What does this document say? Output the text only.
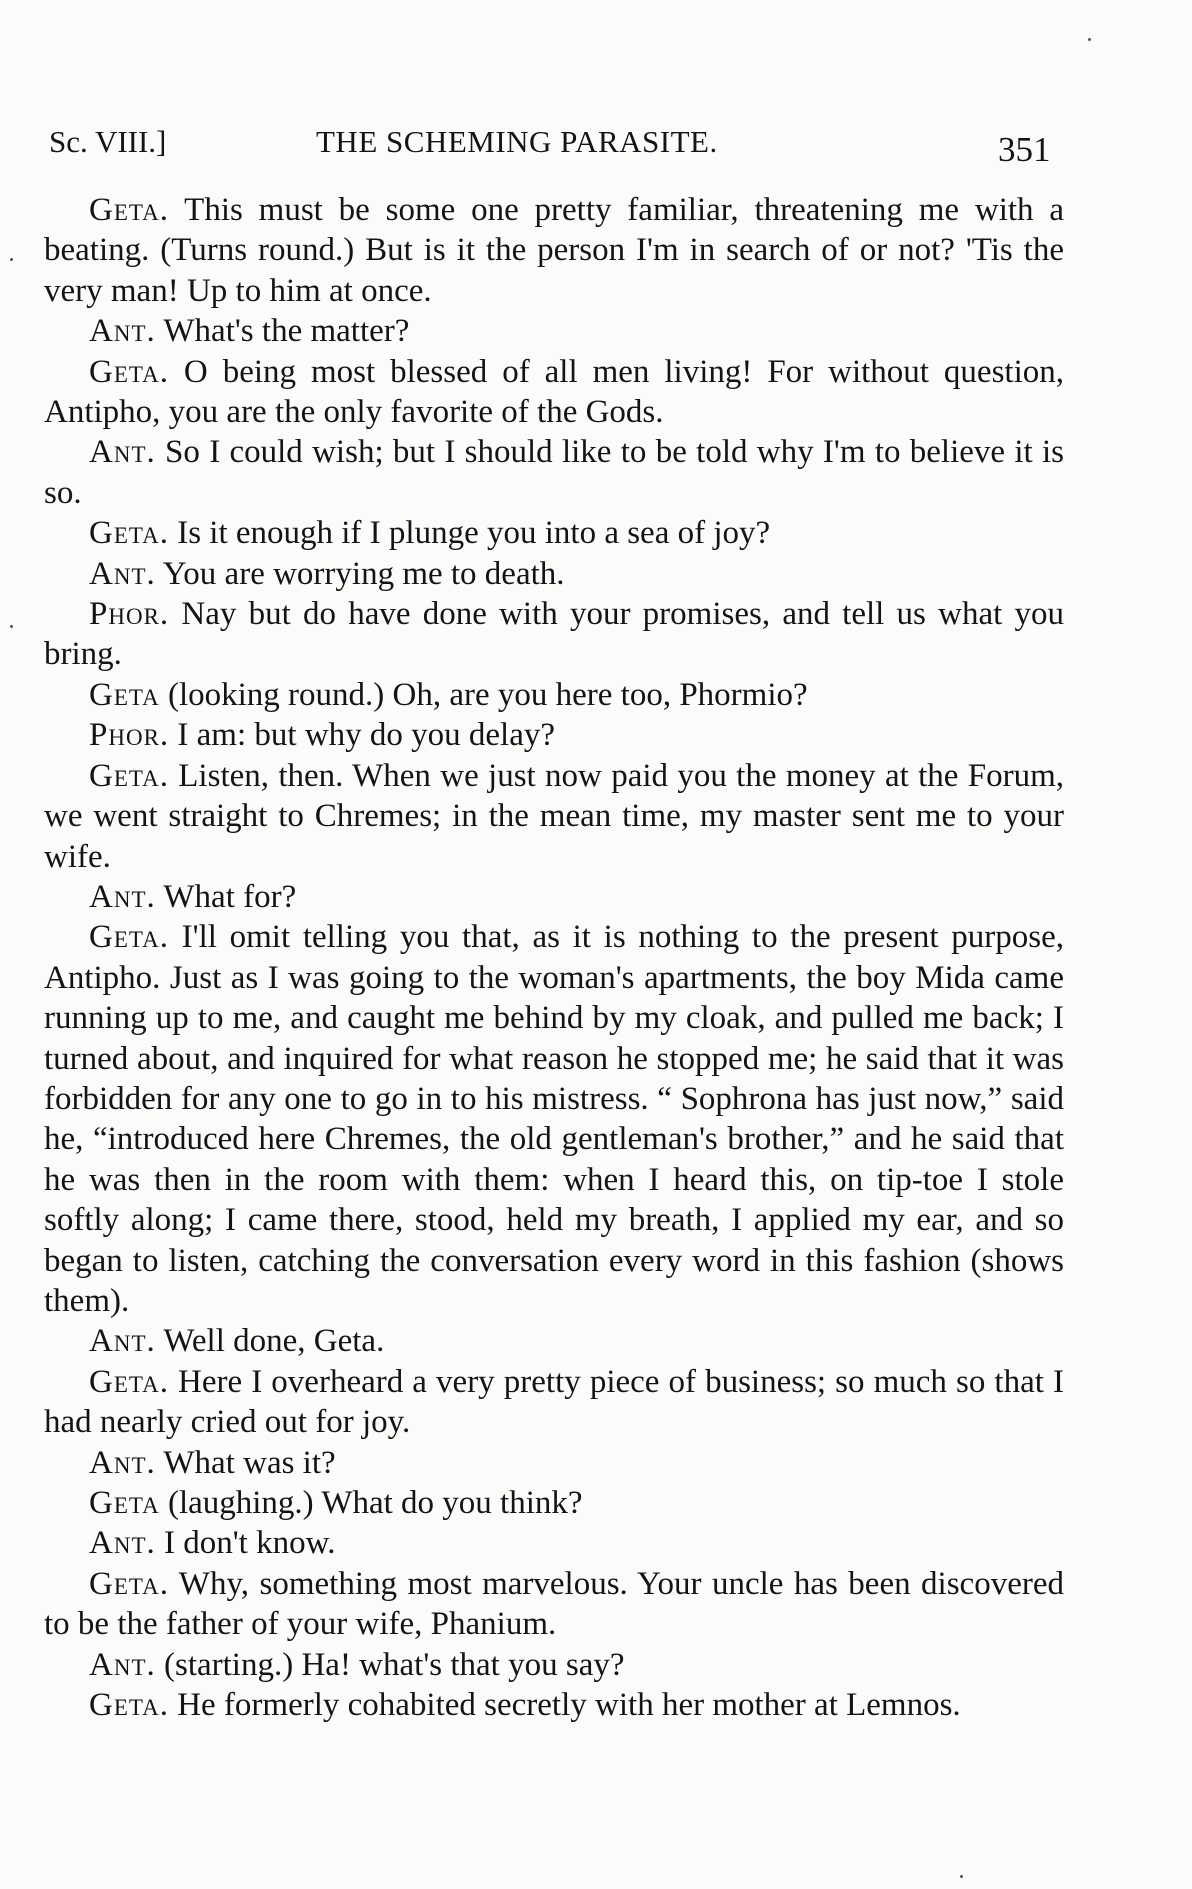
Sc. VIII.]	THE SCHEMING PARASITE.	351

Geta. This must be some one pretty familiar, threatening me with a beating. (Turns round.) But is it the person I'm in search of or not? 'Tis the very man! Up to him at once.

Ant. What's the matter?

Geta. O being most blessed of all men living! For without question, Antipho, you are the only favorite of the Gods.

Ant. So I could wish; but I should like to be told why I'm to believe it is so.

Geta. Is it enough if I plunge you into a sea of joy?

Ant. You are worrying me to death.

Phor. Nay but do have done with your promises, and tell us what you bring.

Geta (looking round.) Oh, are you here too, Phormio?

Phor. I am: but why do you delay?

Geta. Listen, then. When we just now paid you the money at the Forum, we went straight to Chremes; in the mean time, my master sent me to your wife.

Ant. What for?

Geta. I'll omit telling you that, as it is nothing to the present purpose, Antipho. Just as I was going to the woman's apartments, the boy Mida came running up to me, and caught me behind by my cloak, and pulled me back; I turned about, and inquired for what reason he stopped me; he said that it was forbidden for any one to go in to his mistress. “ Sophrona has just now,” said he, “introduced here Chremes, the old gentleman's brother,” and he said that he was then in the room with them: when I heard this, on tip-toe I stole softly along; I came there, stood, held my breath, I applied my ear, and so began to listen, catching the conversation every word in this fashion (shows them).

Ant. Well done, Geta.

Geta. Here I overheard a very pretty piece of business; so much so that I had nearly cried out for joy.

Ant. What was it?

Geta (laughing.) What do you think?

Ant. I don't know.

Geta. Why, something most marvelous. Your uncle has been discovered to be the father of your wife, Phanium.

Ant. (starting.) Ha! what's that you say?

Geta. He formerly cohabited secretly with her mother at Lemnos.
